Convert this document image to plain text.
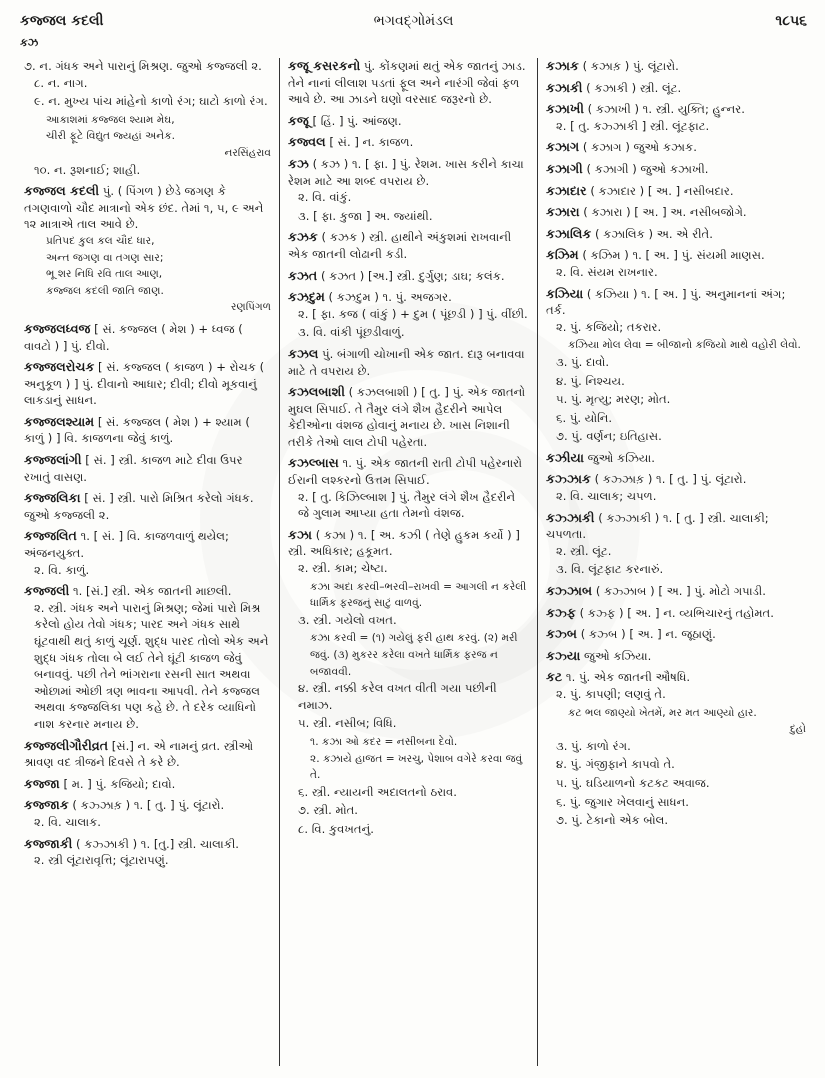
કજ્જલ કદલી	ભગવદ્ગોમંડલ	૧૮૫૬
કઝ
૭. ન. ગંધક અને પારાનું મિશ્રણ. જુઓ કજ્જલી ૨.
૮. ન. નાગ.
૯. ન. મુખ્ય પાંચ માંહેનો કાળો રંગ; ઘાટો કાળો રંગ.
આકાશમાં કજ્જલ શ્યામ મેઘ,
ચીરી ફૂટે વિદ્યુત જ્યહાં અનેક.
નરસિંહરાવ
૧૦. ન. રૂશનાઈ; શાહી.
કજ્જલ કદલી પું. ( પિંગળ ) છેડે જગણ કે તગણવાળો ચૌદ માત્રાનો એક છંદ. તેમાં ૧, ૫, ૯ અને ૧૨ માત્રાએ તાલ આવે છે.
પ્રતિપદ કુલ કલ ચૌદ ધાર,
અન્ત જગણ વા તગણ સાર;
ભૂ શર નિધિ રવિ તાલ આણ,
કજ્જલ કદલી જાતિ જાણ.
રણપિંગળ
કજ્જલધ્વજ [ સં. કજ્જલ ( મેશ ) + ધ્વજ ( વાવટો ) ] પું. દીવો.
કજ્જલરોચક [ સં. કજ્જલ ( કાજળ ) + રોચક ( અનુકૂળ ) ] પું. દીવાનો આધાર; દીવી; દીવો મૂકવાનું લાકડાનું સાધન.
કજ્જલશ્યામ [ સં. કજ્જલ ( મેશ ) + શ્યામ ( કાળું ) ] વિ. કાજળના જેવું કાળું.
કજ્જલાંગી [ સં. ] સ્ત્રી. કાજળ માટે દીવા ઉપર રખાતું વાસણ.
કજ્જલિકા [ સં. ] સ્ત્રી. પારો મિશ્રિત કરેલો ગંધક. જુઓ કજ્જલી ૨.
કજ્જલિત ૧. [ સં. ] વિ. કાજળવાળું થયેલ; અંજનયુક્ત.
૨. વિ. કાળું.
કજ્જલી ૧. [સં.] સ્ત્રી. એક જાતની માછલી.
૨. સ્ત્રી. ગંધક અને પારાનું મિશ્રણ; જેમાં પારો મિશ્ર કરેલો હોય તેવો ગંધક; પારદ અને ગંધક સાથે ઘૂંટવાથી થતું કાળું ચૂર્ણ. શુદ્ધ પારદ તોલો એક અને શુદ્ધ ગંધક તોલા બે લઈ તેને ઘૂંટી કાજળ જેવું બનાવવું. પછી તેને ભાંગરાના રસની સાત અથવા ઓછામાં ઓછી ત્રણ ભાવના આપવી. તેને કજ્જલ અથવા કજ્જલિકા પણ કહે છે. તે દરેક વ્યાધિનો નાશ કરનાર મનાય છે.
કજ્જલીગૌરીવ્રત [સં.] ન. એ નામનું વ્રત. સ્ત્રીઓ શ્રાવણ વદ ત્રીજને દિવસે તે કરે છે.
કજ્જા [ મ. ] પું. કજિયો; દાવો.
કજ્જાક ( કઝ્ઝાક઼ ) ૧. [ તુ. ] પું. લૂંટારો.
૨. વિ. ચાલાક.
કજ્જાકી ( કઝ્ઝાકી ) ૧. [તુ.] સ્ત્રી. ચાલાકી.
૨. સ્ત્રી લૂંટારાવૃત્તિ; લૂંટારાપણું.
કજૂ કસરકનો પું. કોંકણમાં થતું એક જાતનું ઝાડ. તેને નાનાં લીલાશ પડતાં ફૂલ અને નારંગી જેવાં ફળ આવે છે. આ ઝાડને ઘણો વરસાદ જરૂરનો છે.
કજૂ [ હિં. ] પું. આંજણ.
કજ્વલ [ સં. ] ન. કાજળ.
કઝ ( કઝ ) ૧. [ ફા. ] પું. રેશમ. ખાસ કરીને કાચા રેશમ માટે આ શબ્દ વપરાય છે.
૨. વિ. વાંકું.
૩. [ ફા. કુજા ] અ. જ્યાંથી.
કઝક ( કઝક ) સ્ત્રી. હાથીને અંકુશમાં રાખવાની એક જાતની લોઢાની કડી.
કઝત ( કઝત ) [અ.] સ્ત્રી. દુર્ગુણ; ડાઘ; કલંક.
કઝદુમ ( કઝદુમ ) ૧. પું. અજગર.
૨. [ ફા. કજ ( વાંકું ) + દુમ ( પૂંછડી ) ] પું. વીંછી.
૩. વિ. વાંકી પૂંછડીવાળું.
કઝલ પું. બંગાળી ચોખાની એક જાત. દારૂ બનાવવા માટે તે વપરાય છે.
કઝલબાશી ( કઝલબાશી ) [ તુ. ] પું. એક જાતનો મુઘલ સિપાઈ. તે તૈમુર લંગે શૈખ હૈદરીને આપેલ કેદીઓના વંશજ હોવાનું મનાય છે. ખાસ નિશાની તરીકે તેઓ લાલ ટોપી પહેરતા.
કઝલ્બાસ ૧. પું. એક જાતની રાતી ટોપી પહેરનારો ઈરાની લશ્કરનો ઉત્તમ સિપાઈ.
૨. [ તુ. કિઝિલ્બાશ ] પું. તૈમુર લંગે શૈખ હૈદરીને જે ગુલામ આપ્યા હતા તેમનો વંશજ.
કઝા ( કઝા ) ૧. [ અ. કઝી ( તેણે હુકમ કર્યો ) ] સ્ત્રી. અધિકાર; હકૂમત.
૨. સ્ત્રી. કામ; ચેષ્ટા.
કઝા અદા કરવી–ભરવી–રાખવી = આગલી ન કરેલી ધાર્મિક ફરજનું સાટું વાળવું.
૩. સ્ત્રી. ગયેલો વખત.
કઝા કરવી = (૧) ગયેલું ફરી હાથ કરવું. (૨) મરી જવું. (૩) મુકરર કરેલા વખતે ધાર્મિક ફરજ ન બજાવવી.
૪. સ્ત્રી. નક્કી કરેલ વખત વીતી ગયા પછીની નમાઝ.
૫. સ્ત્રી. નસીબ; વિધિ.
૧. કઝા ઓ કદર = નસીબના દેવો.
૨. કઝાયે હાજત = ખરચુ, પેશાબ વગેરે કરવા જવું તે.
૬. સ્ત્રી. ન્યાયની અદાલતનો ઠરાવ.
૭. સ્ત્રી. મોત.
૮. વિ. કુવખતનું.
કઝાક ( કઝાક઼ ) પું. લૂંટારો.
કઝાકી ( કઝાકી ) સ્ત્રી. લૂંટ.
કઝાખી ( કઝાખી ) ૧. સ્ત્રી. યુક્તિ; હુન્નર.
૨. [ તુ. કઝ્ઝાકી ] સ્ત્રી. લૂંટફાટ.
કઝાગ ( કઝાગ ) જુઓ કઝાક.
કઝાગી ( કઝાગી ) જુઓ કઝાખી.
કઝાદાર ( કઝાદાર ) [ અ. ] નસીબદાર.
કઝારા ( કઝારા ) [ અ. ] અ. નસીબજોગે.
કઝાલિક ( કઝાલિક ) અ. એ રીતે.
કઝિમ ( કઝિમ ) ૧. [ અ. ] પું. સંયમી માણસ.
૨. વિ. સંયમ રાખનાર.
કઝિયા ( કઝિયા ) ૧. [ અ. ] પું. અનુમાનનાં અંગ; તર્ક.
૨. પું. કજિયો; તકરાર.
કઝિયા મોલ લેવા = બીજાનો કજિયો માથે વહોરી લેવો.
૩. પું. દાવો.
૪. પું. નિશ્ચય.
૫. પું. મૃત્યુ; મરણ; મોત.
૬. પું. યોનિ.
૭. પું. વર્ણન; ઇતિહાસ.
કઝીયા જુઓ કઝિયા.
કઝ્ઝાક ( કઝ્ઝાક઼ ) ૧. [ તુ. ] પું. લૂંટારો.
૨. વિ. ચાલાક; ચપળ.
કઝ્ઝાકી ( કઝ્ઝાકી ) ૧. [ તુ. ] સ્ત્રી. ચાલાકી; ચપળતા.
૨. સ્ત્રી. લૂંટ.
૩. વિ. લૂંટફાટ કરનારું.
કઝ્ઝાબ ( કઝ્ઝાબ ) [ અ. ] પું. મોટો ગપાડી.
કઝ્ફ ( કઝ્ફ ) [ અ. ] ન. વ્યભિચારનું તહોમત.
કઝ્બ ( કઝ્બ ) [ અ. ] ન. જૂઠાણું.
કઝ્યા જુઓ કઝિયા.
કટ ૧. પું. એક જાતની ઔષધિ.
૨. પું. કાપણી; લણવું તે.
કટ ભલ જાણ્યો ખેતમેં, મર મત આણ્યો હાર.
દુહો
૩. પું. કાળો રંગ.
૪. પું. ગંજીફાને કાપવો તે.
૫. પું. ઘડિયાળનો કટકટ અવાજ.
૬. પું. જુગાર ખેલવાનું સાધન.
૭. પું. ટેકાનો એક બોલ.
